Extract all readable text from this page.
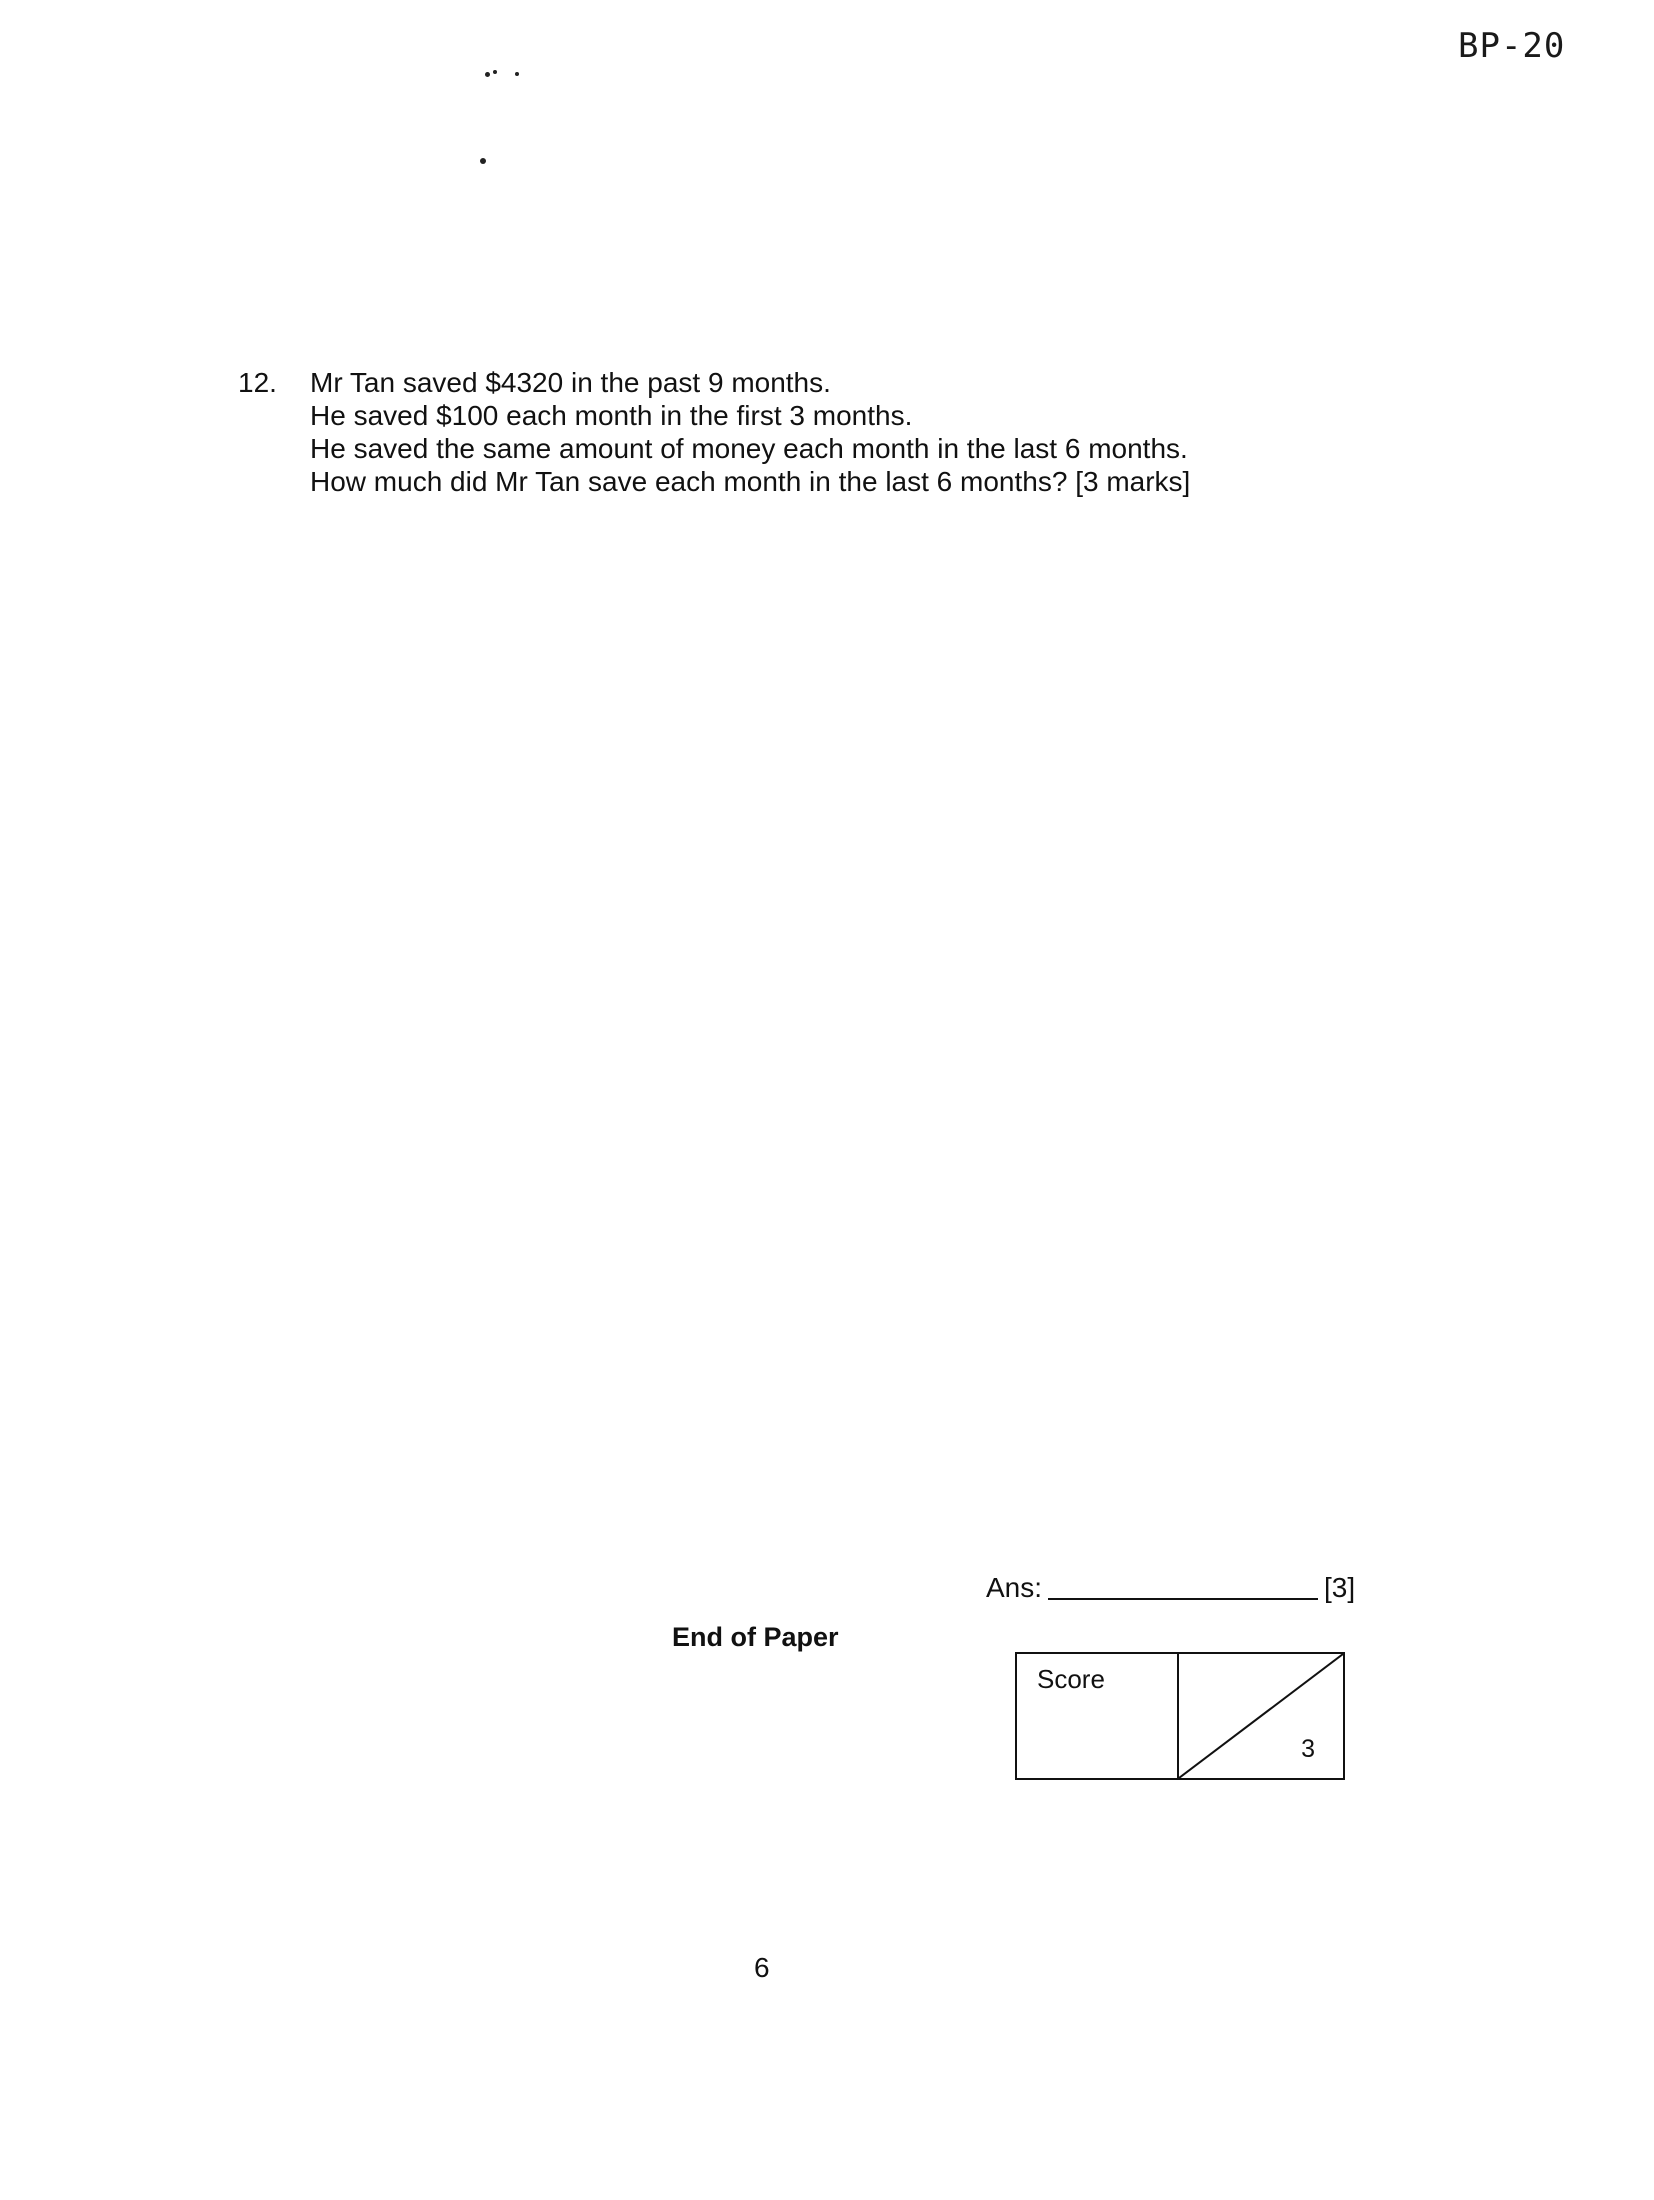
BP-20
12.	Mr Tan saved $4320 in the past 9 months.
He saved $100 each month in the first 3 months.
He saved the same amount of money each month in the last 6 months.
How much did Mr Tan save each month in the last 6 months? [3 marks]
Ans:	[3]
End of Paper
Score
3
6
